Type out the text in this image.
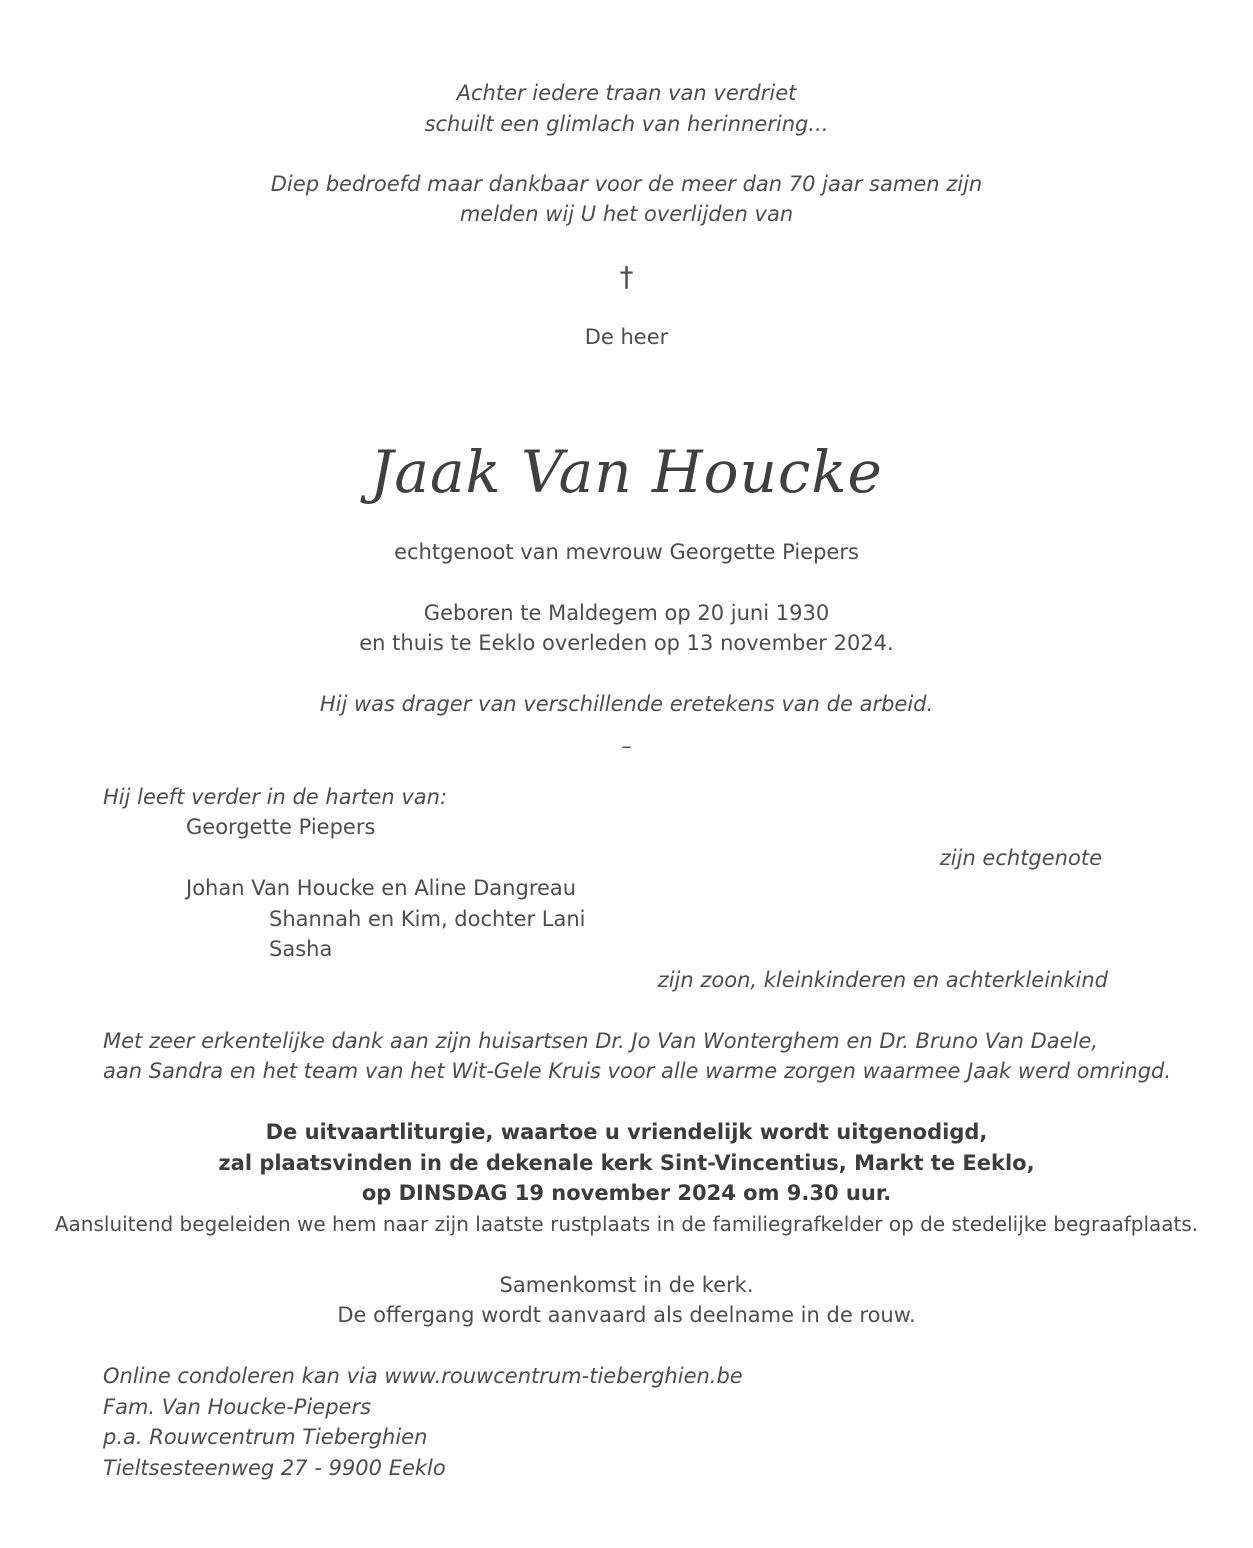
Achter iedere traan van verdriet
schuilt een glimlach van herinnering...
Diep bedroefd maar dankbaar voor de meer dan 70 jaar samen zijn
melden wij U het overlijden van
†
De heer
Jaak Van Houcke
echtgenoot van mevrouw Georgette Piepers
Geboren te Maldegem op 20 juni 1930
en thuis te Eeklo overleden op 13 november 2024.
Hij was drager van verschillende eretekens van de arbeid.
–
Hij leeft verder in de harten van:
Georgette Piepers
zijn echtgenote
Johan Van Houcke en Aline Dangreau
Shannah en Kim, dochter Lani
Sasha
zijn zoon, kleinkinderen en achterkleinkind
Met zeer erkentelijke dank aan zijn huisartsen Dr. Jo Van Wonterghem en Dr. Bruno Van Daele,
aan Sandra en het team van het Wit-Gele Kruis voor alle warme zorgen waarmee Jaak werd omringd.
De uitvaartliturgie, waartoe u vriendelijk wordt uitgenodigd,
zal plaatsvinden in de dekenale kerk Sint-Vincentius, Markt te Eeklo,
op DINSDAG 19 november 2024 om 9.30 uur.
Aansluitend begeleiden we hem naar zijn laatste rustplaats in de familiegrafkelder op de stedelijke begraafplaats.
Samenkomst in de kerk.
De offergang wordt aanvaard als deelname in de rouw.
Online condoleren kan via www.rouwcentrum-tieberghien.be
Fam. Van Houcke-Piepers
p.a. Rouwcentrum Tieberghien
Tieltsesteenweg 27 - 9900 Eeklo
